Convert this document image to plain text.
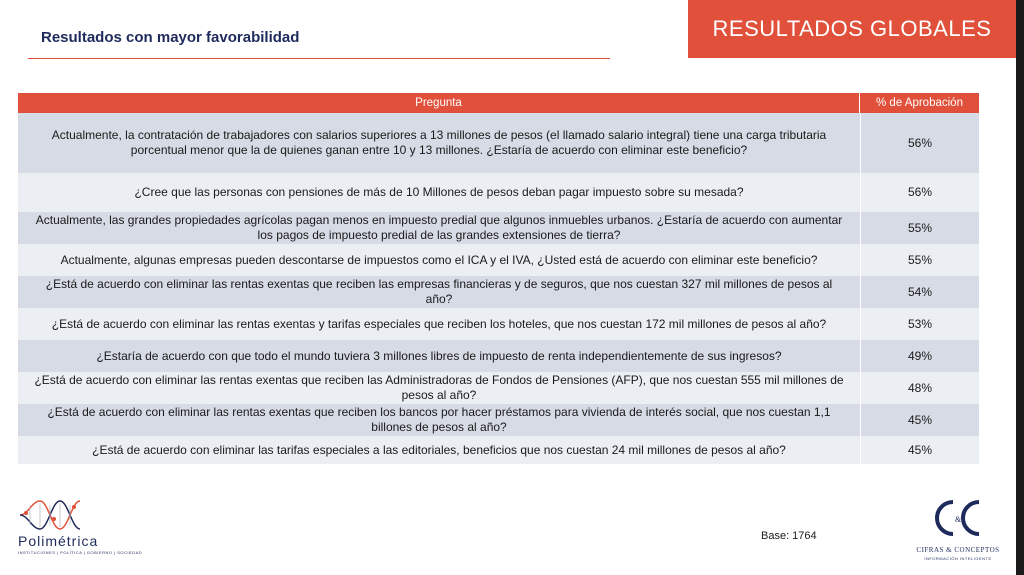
Resultados con mayor favorabilidad	RESULTADOS GLOBALES
Pregunta	% de Aprobación
Actualmente, la contratación de trabajadores con salarios superiores a 13 millones de pesos (el llamado salario integral) tiene una carga tributaria porcentual menor que la de quienes ganan entre 10 y 13 millones. ¿Estaría de acuerdo con eliminar este beneficio?	56%
¿Cree que las personas con pensiones de más de 10 Millones de pesos deban pagar impuesto sobre su mesada?	56%
Actualmente, las grandes propiedades agrícolas pagan menos en impuesto predial que algunos inmuebles urbanos. ¿Estaría de acuerdo con aumentar los pagos de impuesto predial de las grandes extensiones de tierra?	55%
Actualmente, algunas empresas pueden descontarse de impuestos como el ICA y el IVA, ¿Usted está de acuerdo con eliminar este beneficio?	55%
¿Está de acuerdo con eliminar las rentas exentas que reciben las empresas financieras y de seguros, que nos cuestan 327 mil millones de pesos al año?	54%
¿Está de acuerdo con eliminar las rentas exentas y tarifas especiales que reciben los hoteles, que nos cuestan 172 mil millones de pesos al año?	53%
¿Estaría de acuerdo con que todo el mundo tuviera 3 millones libres de impuesto de renta independientemente de sus ingresos?	49%
¿Está de acuerdo con eliminar las rentas exentas que reciben las Administradoras de Fondos de Pensiones (AFP), que nos cuestan 555 mil millones de pesos al año?	48%
¿Está de acuerdo con eliminar las rentas exentas que reciben los bancos por hacer préstamos para vivienda de interés social, que nos cuestan 1,1 billones de pesos al año?	45%
¿Está de acuerdo con eliminar las tarifas especiales a las editoriales, beneficios que nos cuestan 24 mil millones de pesos al año?	45%
Polimétrica
INSTITUCIONES | POLÍTICA | GOBIERNO | SOCIEDAD
Base: 1764
&
CIFRAS & CONCEPTOS
INFORMACIÓN INTELIGENTE
